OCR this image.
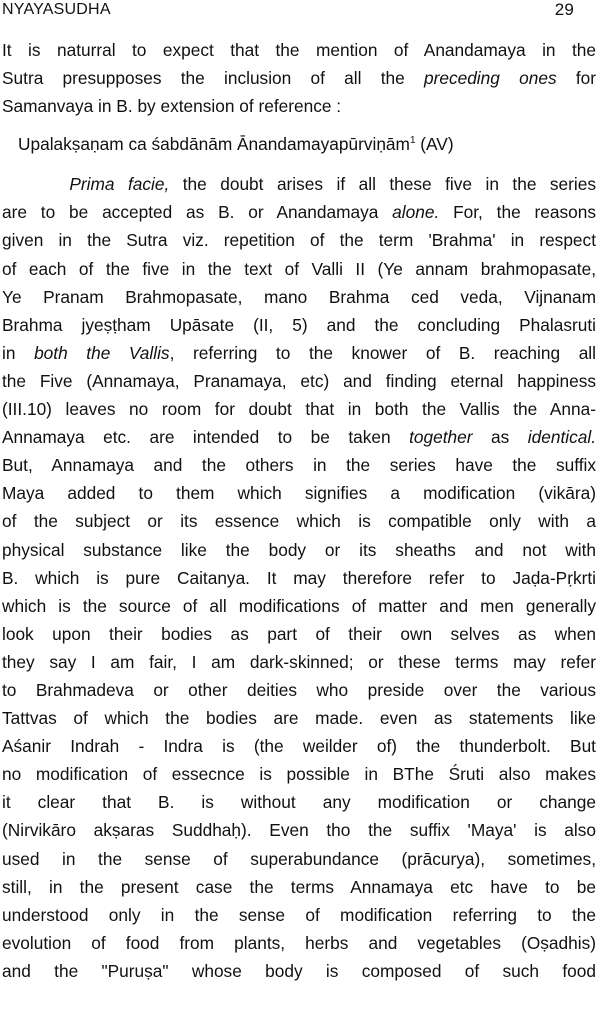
NYAYASUDHA	29
It is naturral to expect that the mention of Anandamaya in the
Sutra presupposes the inclusion of all the preceding ones for
Samanvaya in B. by extension of reference :
Upalakṣaṇam ca śabdānām Ānandamayapūrviṇām$^1$ (AV)
Prima facie, the doubt arises if all these five in the series
are to be accepted as B. or Anandamaya alone. For, the reasons
given in the Sutra viz. repetition of the term 'Brahma' in respect
of each of the five in the text of Valli II (Ye annam brahmopasate,
Ye Pranam Brahmopasate, mano Brahma ced veda, Vijnanam
Brahma jyeṣṭham Upāsate (II, 5) and the concluding Phalasruti
in both the Vallis, referring to the knower of B. reaching all
the Five (Annamaya, Pranamaya, etc) and finding eternal happiness
(III.10) leaves no room for doubt that in both the Vallis the Anna-
Annamaya etc. are intended to be taken together as identical.
But, Annamaya and the others in the series have the suffix
Maya added to them which signifies a modification (vikāra)
of the subject or its essence which is compatible only with a
physical substance like the body or its sheaths and not with
B. which is pure Caitanya. It may therefore refer to Jaḍa-Pṛkrti
which is the source of all modifications of matter and men generally
look upon their bodies as part of their own selves as when
they say I am fair, I am dark-skinned; or these terms may refer
to Brahmadeva or other deities who preside over the various
Tattvas of which the bodies are made. even as statements like
Aśanir Indrah - Indra is (the weilder of) the thunderbolt. But
no modification of essecnce is possible in BThe Śruti also makes
it clear that B. is without any modification or change
(Nirvikāro akṣaras Suddhaḥ). Even tho the suffix 'Maya' is also
used in the sense of superabundance (prācurya), sometimes,
still, in the present case the terms Annamaya etc have to be
understood only in the sense of modification referring to the
evolution of food from plants, herbs and vegetables (Oṣadhis)
and the "Puruṣa" whose body is composed of such food
